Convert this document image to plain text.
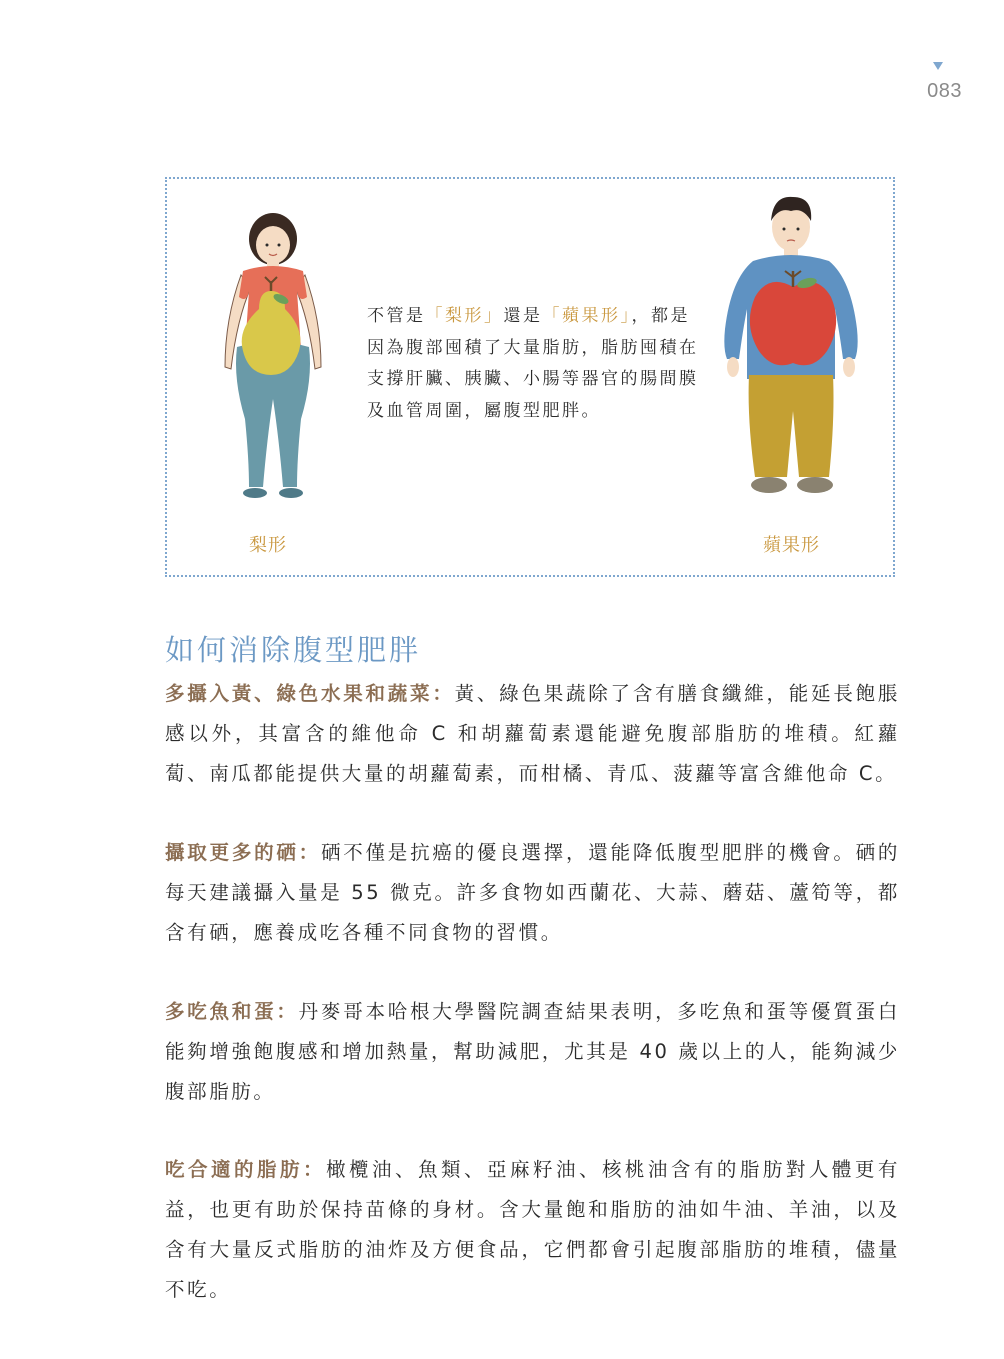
083
不管是「梨形」還是「蘋果形」，都是因為腹部囤積了大量脂肪，脂肪囤積在支撐肝臟、胰臟、小腸等器官的腸間膜及血管周圍，屬腹型肥胖。
梨形	蘋果形
如何消除腹型肥胖
多攝入黃、綠色水果和蔬菜：黃、綠色果蔬除了含有膳食纖維，能延長飽脹感以外，其富含的維他命 C 和胡蘿蔔素還能避免腹部脂肪的堆積。紅蘿蔔、南瓜都能提供大量的胡蘿蔔素，而柑橘、青瓜、菠蘿等富含維他命 C。
攝取更多的硒：硒不僅是抗癌的優良選擇，還能降低腹型肥胖的機會。硒的每天建議攝入量是 55 微克。許多食物如西蘭花、大蒜、蘑菇、蘆筍等，都含有硒，應養成吃各種不同食物的習慣。
多吃魚和蛋：丹麥哥本哈根大學醫院調查結果表明，多吃魚和蛋等優質蛋白能夠增強飽腹感和增加熱量，幫助減肥，尤其是 40 歲以上的人，能夠減少腹部脂肪。
吃合適的脂肪：橄欖油、魚類、亞麻籽油、核桃油含有的脂肪對人體更有益，也更有助於保持苗條的身材。含大量飽和脂肪的油如牛油、羊油，以及含有大量反式脂肪的油炸及方便食品，它們都會引起腹部脂肪的堆積，儘量不吃。
